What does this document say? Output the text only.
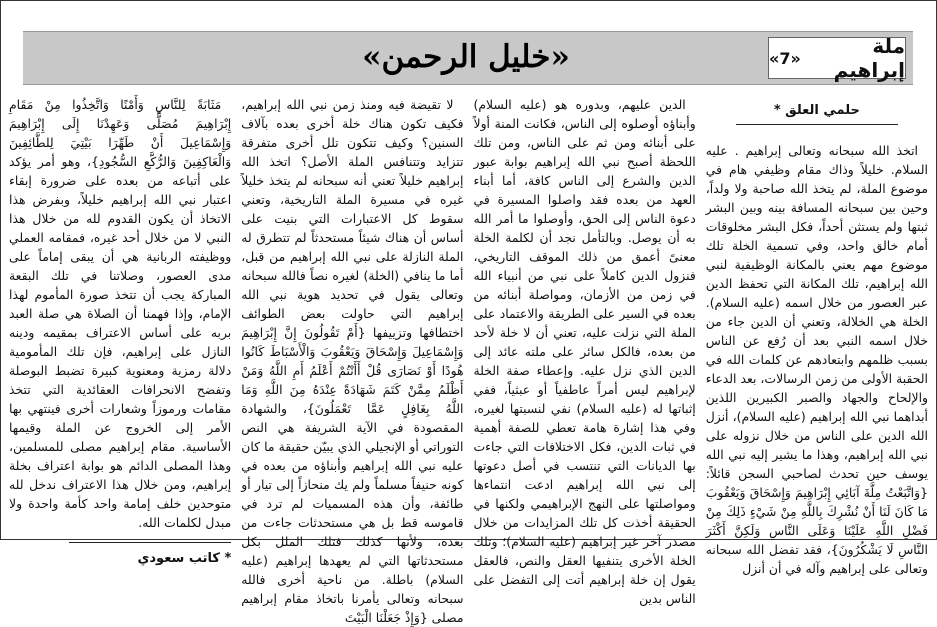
ملة إبراهيم
«7»
«خليل الرحمن»
حلمي العلق *

اتخذ الله سبحانه وتعالى إبراهيم . عليه السلام. خليلاً وذاك مقام وظيفي هام في موضوع الملة، لم يتخذ الله صاحبة ولا ولداً، وحين بين سبحانه المسافة بينه وبين البشر ثبتها ولم يستثن أحداً، فكل البشر مخلوقات أمام خالق واحد، وفي تسمية الخلة تلك موضوع مهم يعني بالمكانة الوظيفية لنبي الله إبراهيم، تلك المكانة التي تحفظ الدين عبر العصور من خلال اسمه (عليه السلام). الخلة هي الخلالة، وتعني أن الدين جاء من خلال اسمه النبي بعد أن رُفع عن الناس بسبب ظلمهم وابتعادهم عن كلمات الله في الحقبة الأولى من زمن الرسالات، بعد الدعاء والإلحاح والجهاد والصبر الكبيرين اللذين أبداهما نبي الله إبراهيم (عليه السلام)، أنزل الله الدين على الناس من خلال نزوله على نبي الله إبراهيم، وهذا ما يشير إليه نبي الله يوسف حين تحدث لصاحبي السجن قائلاً: {وَاتَّبَعْتُ مِلَّةَ آبَائِي إِبْرَاهِيمَ وَإِسْحَاقَ وَيَعْقُوبَ مَا كَانَ لَنَا أَنْ نُشْرِكَ بِاللَّهِ مِنْ شَيْءٍ ذَلِكَ مِنْ فَضْلِ اللَّهِ عَلَيْنَا وَعَلَى النَّاسِ وَلَكِنَّ أَكْثَرَ النَّاسِ لَا يَشْكُرُونَ}، فقد تفضل الله سبحانه وتعالى على إبراهيم وآله في أن أنزل

الدين عليهم، وبدوره هو (عليه السلام) وأبناؤه أوصلوه إلى الناس، فكانت المنة أولاً على أبنائه ومن ثم على الناس، ومن تلك اللحظة أصبح نبي الله إبراهيم بوابة عبور الدين والشرع إلى الناس كافة، أما أبناء العهد من بعده فقد واصلوا المسيرة في دعوة الناس إلى الحق، وأوصلوا ما أمر الله به أن يوصل. وبالتأمل نجد أن لكلمة الخلة معنىً أعمق من ذلك الموقف التاريخي، فنزول الدين كاملاً على نبي من أنبياء الله في زمن من الأزمان، ومواصلة أبنائه من بعده في السير على الطريقة والاعتماد على الملة التي نزلت عليه، تعني أن لا خلة لأحد من بعده، فالكل سائر على ملته عائد إلى الدين الذي نزل عليه. وإعطاء صفة الخلة لإبراهيم ليس أمراً عاطفياً أو عبثياً، ففي إثباتها له (عليه السلام) نفي لنسبتها لغيره، وفي هذا إشارة هامة تعطي للصفة أهمية في ثبات الدين، فكل الاختلافات التي جاءت بها الديانات التي تنتسب في أصل دعوتها إلى نبي الله إبراهيم ادعت انتماءها ومواصلتها على النهج الإبراهيمي ولكنها في الحقيقة أخذت كل تلك المزايدات من خلال مصدر آخر غير إبراهيم (عليه السلام)؛ وتلك الخلة الأخرى يتنفيها العقل والنص، فالعقل يقول إن خلة إبراهيم أتت إلى التفضل على الناس بدين

لا تقيضة فيه ومنذ زمن نبي الله إبراهيم، فكيف تكون هناك خلة أخرى بعده بآلاف السنين؟ وكيف تتكون تلل أخرى متفرقة تتزايد وتتنافس الملة الأصل؟ اتخذ الله إبراهيم خليلاً تعني أنه سبحانه لم يتخذ خليلاً غيره في مسيرة الملة التاريخية، وتعني سقوط كل الاعتبارات التي بنيت على أساس أن هناك شيئاً مستحدثاً لم تتطرق له الملة النازلة على نبي الله إبراهيم من قبل، أما ما ينافي (الخلة) لغيره نصاً فالله سبحانه وتعالى يقول في تحديد هوية نبي الله إبراهيم التي حاولت بعض الطوائف اختطافها وتزييفها {أَمْ تَقُولُونَ إِنَّ إِبْرَاهِيمَ وَإِسْمَاعِيلَ وَإِسْحَاقَ وَيَعْقُوبَ وَالْأَسْبَاطَ كَانُوا هُودًا أَوْ نَصَارَى قُلْ أَأَنْتُمْ أَعْلَمُ أَمِ اللَّهُ وَمَنْ أَظْلَمُ مِمَّنْ كَتَمَ شَهَادَةً عِنْدَهُ مِنَ اللَّهِ وَمَا اللَّهُ بِغَافِلٍ عَمَّا تَعْمَلُونَ}، والشهادة المقصودة في الآية الشريفة هي النص التوراتي أو الإنجيلي الذي يبيّن حقيقة ما كان عليه نبي الله إبراهيم وأبناؤه من بعده في كونه حنيفاً مسلماً ولم يك منحازاً إلى تيار أو طائفة، وأن هذه المسميات لم ترد في قاموسه قط بل هي مستحدثات جاءت من بعده، ولأنها كذلك فتلك الملل بكل مستحدثاتها التي لم يعهدها إبراهيم (عليه السلام) باطلة. من ناحية أخرى فالله سبحانه وتعالى يأمرنا باتخاذ مقام إبراهيم مصلى {وَإِذْ جَعَلْنَا الْبَيْتَ

مَثَابَةً لِلنَّاسِ وَأَمْنًا وَاتَّخِذُوا مِنْ مَقَامِ إِبْرَاهِيمَ مُصَلًّى وَعَهِدْنَا إِلَى إِبْرَاهِيمَ وَإِسْمَاعِيلَ أَنْ طَهِّرَا بَيْتِيَ لِلطَّائِفِينَ وَالْعَاكِفِينَ وَالرُّكَّعِ السُّجُودِ}، وهو أمر يؤكد على أتباعه من بعده على ضرورة إبقاء اعتبار نبي الله إبراهيم خليلاً، وبفرض هذا الاتخاذ أن يكون القدوم لله من خلال هذا النبي لا من خلال أحد غيره، فمقامه العملي ووظيفته الربانية هي أن يبقى إماماً على مدى العصور، وصلاتنا في تلك البقعة المباركة يجب أن تتخذ صورة المأموم لهذا الإمام، وإذا فهمنا أن الصلاة هي صلة العبد بربه على أساس الاعتراف بمقيمه ودينه النازل على إبراهيم، فإن تلك المأمومية دلالة رمزية ومعنوية كبيرة تضبط البوصلة وتفضح الانحرافات العقائدية التي تتخذ مقامات ورموزاً وشعارات أخرى فينتهي بها الأمر إلى الخروج عن الملة وقيمها الأساسية. مقام إبراهيم مصلى للمسلمين، وهذا المصلى الدائم هو بوابة اعتراف بخلة إبراهيم، ومن خلال هذا الاعتراف ندخل لله متوحدين خلف إمامة واحد كأمة واحدة ولا مبدل لكلمات الله.

* كاتب سعودي
